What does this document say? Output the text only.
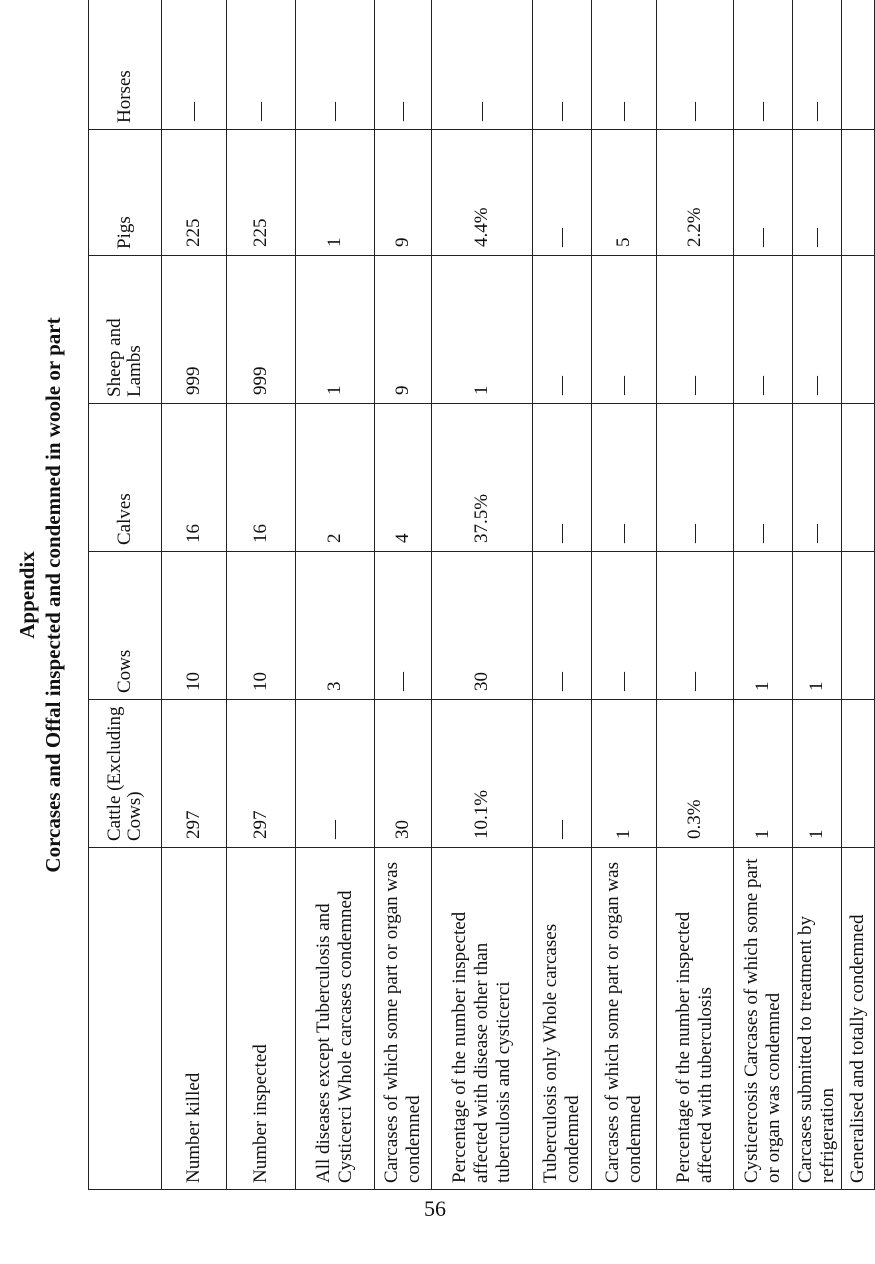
Appendix Corcases and Offal inspected and condemned in woole or part
	Cattle (Excluding Cows)	Cows	Calves	Sheep and Lambs	Pigs	Horses
Number killed	297	10	16	999	225	—
Number inspected	297	10	16	999	225	—
All diseases except Tuberculosis and Cysticerci Whole carcases condemned	—	3	2	1	1	—
Carcases of which some part or organ was condemned	30	—	4	9	9	—
Percentage of the number inspected affected with disease other than tuberculosis and cysticerci	10.1%	30	37.5%	1	4.4%	—
Tuberculosis only Whole carcases condemned	—	—	—	—	—	—
Carcases of which some part or organ was condemned	1	—	—	—	5	—
Percentage of the number inspected affected with tuberculosis	0.3%	—	—	—	2.2%	—
Cysticercosis Carcases of which some part or organ was condemned	1	1	—	—	—	—
Carcases submitted to treatment by refrigeration	1	1	—	—	—	—
Generalised and totally condemned						
56
